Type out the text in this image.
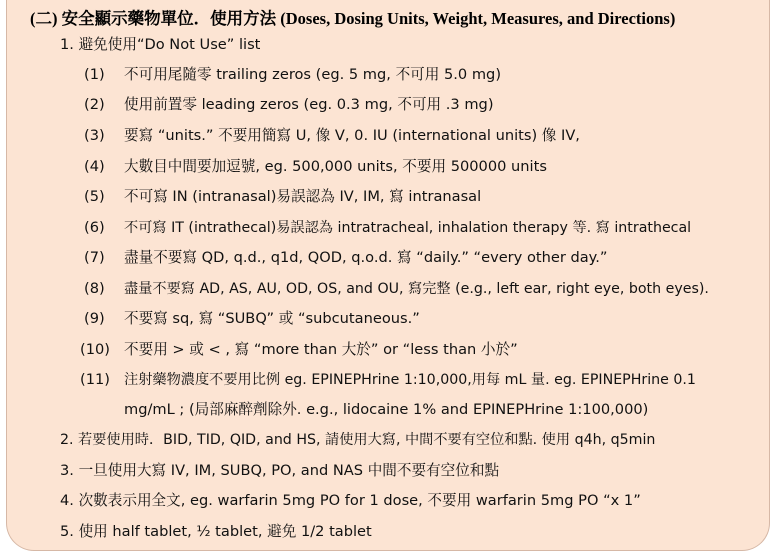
(二) 安全顯示藥物單位．使用方法 (Doses, Dosing Units, Weight, Measures, and Directions)
1. 避免使用“Do Not Use” list
(1) 不可用尾隨零 trailing zeros (eg. 5 mg, 不可用 5.0 mg)
(2) 使用前置零 leading zeros (eg. 0.3 mg, 不可用 .3 mg)
(3) 要寫 “units.” 不要用簡寫 U, 像 V, 0. IU (international units) 像 IV,
(4) 大數目中間要加逗號, eg. 500,000 units, 不要用 500000 units
(5) 不可寫 IN (intranasal)易誤認為 IV, IM, 寫 intranasal
(6) 不可寫 IT (intrathecal)易誤認為 intratracheal, inhalation therapy 等. 寫 intrathecal
(7) 盡量不要寫 QD, q.d., q1d, QOD, q.o.d. 寫 “daily.” “every other day.”
(8) 盡量不要寫 AD, AS, AU, OD, OS, and OU, 寫完整 (e.g., left ear, right eye, both eyes).
(9) 不要寫 sq, 寫 “SUBQ” 或 “subcutaneous.”
(10) 不要用 > 或 < , 寫 “more than 大於” or “less than 小於”
(11) 注射藥物濃度不要用比例 eg. EPINEPHrine 1:10,000,用每 mL 量. eg. EPINEPHrine 0.1
mg/mL ; (局部麻醉劑除外. e.g., lidocaine 1% and EPINEPHrine 1:100,000)
2. 若要使用時．BID, TID, QID, and HS, 請使用大寫, 中間不要有空位和點. 使用 q4h, q5min
3. 一旦使用大寫 IV, IM, SUBQ, PO, and NAS 中間不要有空位和點
4. 次數表示用全文, eg. warfarin 5mg PO for 1 dose, 不要用 warfarin 5mg PO “x 1”
5. 使用 half tablet, ½ tablet, 避免 1/2 tablet
